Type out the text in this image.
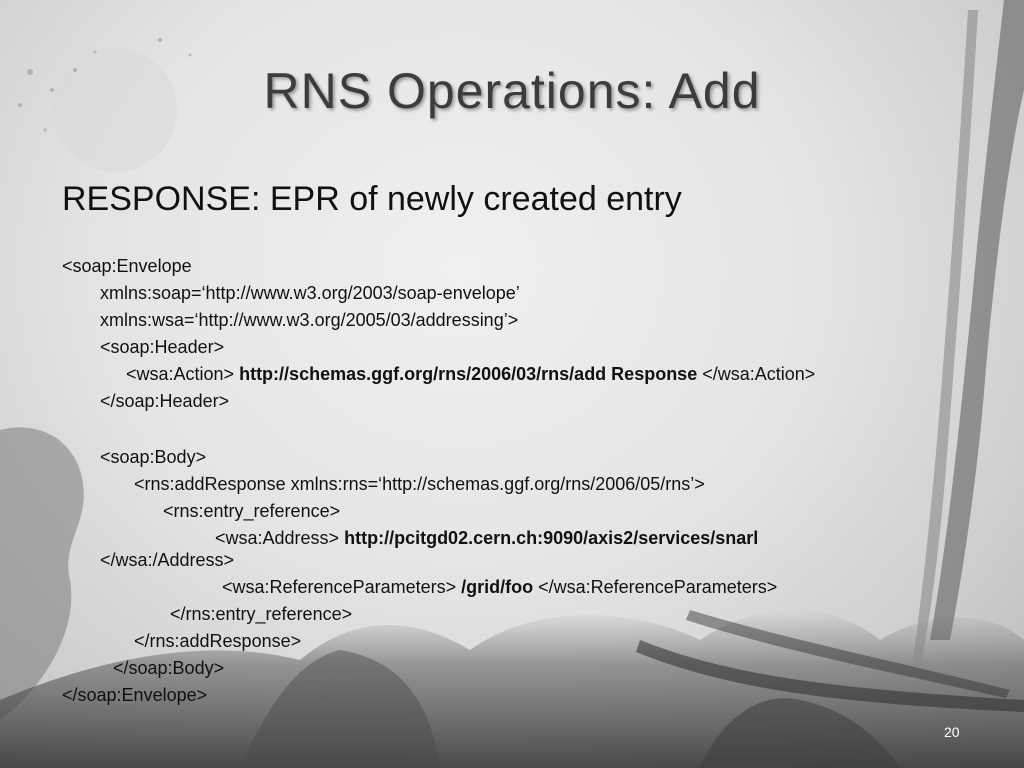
RNS Operations: Add
RESPONSE: EPR of newly created entry
<soap:Envelope
xmlns:soap=‘http://www.w3.org/2003/soap-envelope’
xmlns:wsa=‘http://www.w3.org/2005/03/addressing’>
<soap:Header>
<wsa:Action> http://schemas.ggf.org/rns/2006/03/rns/add Response </wsa:Action>
</soap:Header>
<soap:Body>
<rns:addResponse xmlns:rns=‘http://schemas.ggf.org/rns/2006/05/rns’>
<rns:entry_reference>
<wsa:Address> http://pcitgd02.cern.ch:9090/axis2/services/snarl
</wsa:/Address>
<wsa:ReferenceParameters> /grid/foo </wsa:ReferenceParameters>
</rns:entry_reference>
</rns:addResponse>
</soap:Body>
</soap:Envelope>
20
